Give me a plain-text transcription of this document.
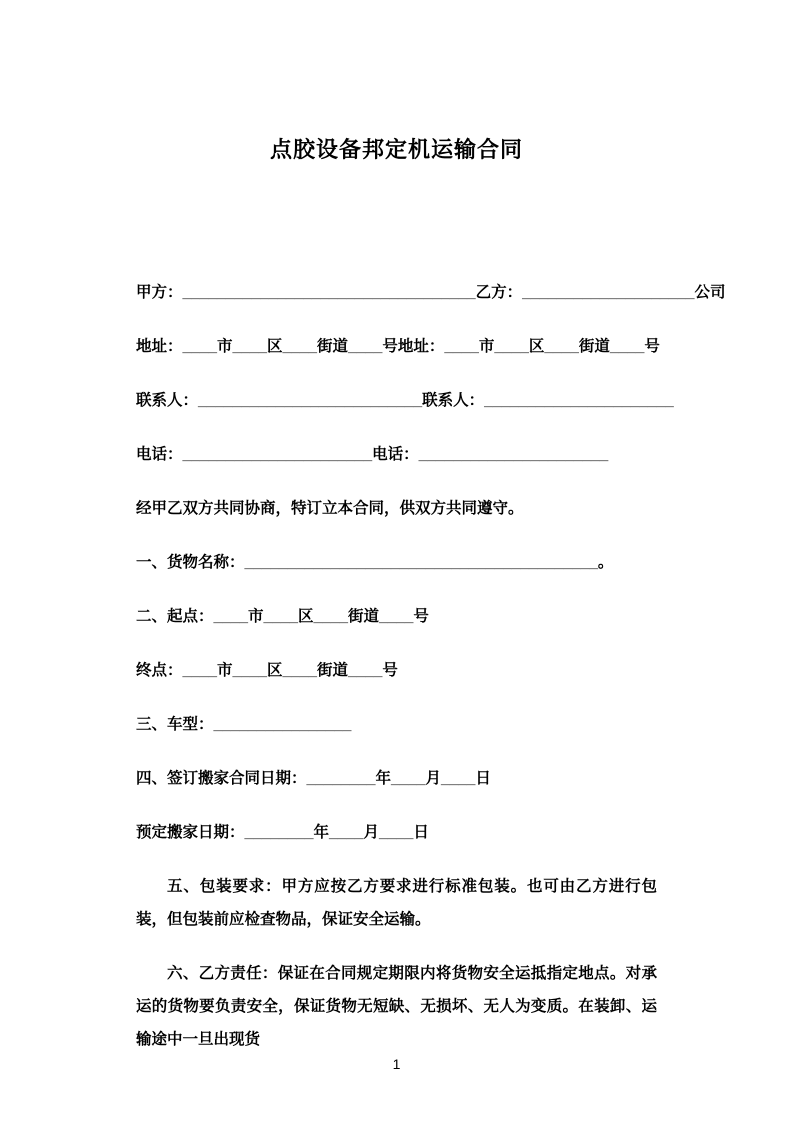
点胶设备邦定机运输合同

甲方：__________________________________乙方：____________________公司

地址：____市____区____街道____号地址：____市____区____街道____号

联系人：__________________________联系人：______________________

电话：______________________电话：______________________

经甲乙双方共同协商，特订立本合同，供双方共同遵守。

一、货物名称：_________________________________________。

二、起点：____市____区____街道____号

终点：____市____区____街道____号

三、车型：________________

四、签订搬家合同日期：________年____月____日

预定搬家日期：________年____月____日

五、包装要求：甲方应按乙方要求进行标准包装。也可由乙方进行包装，但包装前应检查物品，保证安全运输。

六、乙方责任：保证在合同规定期限内将货物安全运抵指定地点。对承运的货物要负责安全，保证货物无短缺、无损坏、无人为变质。在装卸、运输途中一旦出现货

1
